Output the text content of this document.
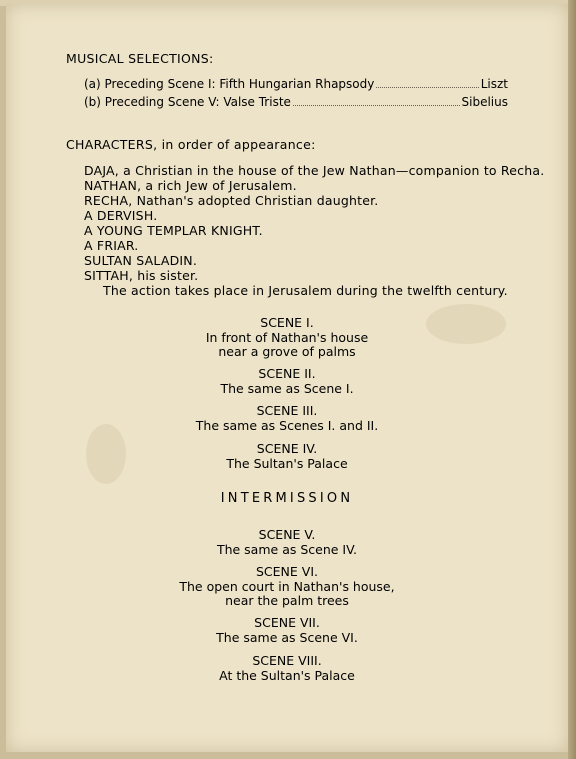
MUSICAL SELECTIONS:
(a) Preceding Scene I: Fifth Hungarian Rhapsody	Liszt
(b) Preceding Scene V: Valse Triste	Sibelius
CHARACTERS, in order of appearance:
DAJA, a Christian in the house of the Jew Nathan—companion to Recha.
NATHAN, a rich Jew of Jerusalem.
RECHA, Nathan's adopted Christian daughter.
A DERVISH.
A YOUNG TEMPLAR KNIGHT.
A FRIAR.
SULTAN SALADIN.
SITTAH, his sister.
The action takes place in Jerusalem during the twelfth century.
SCENE I.
In front of Nathan's house
near a grove of palms
SCENE II.
The same as Scene I.
SCENE III.
The same as Scenes I. and II.
SCENE IV.
The Sultan's Palace
INTERMISSION
SCENE V.
The same as Scene IV.
SCENE VI.
The open court in Nathan's house,
near the palm trees
SCENE VII.
The same as Scene VI.
SCENE VIII.
At the Sultan's Palace
